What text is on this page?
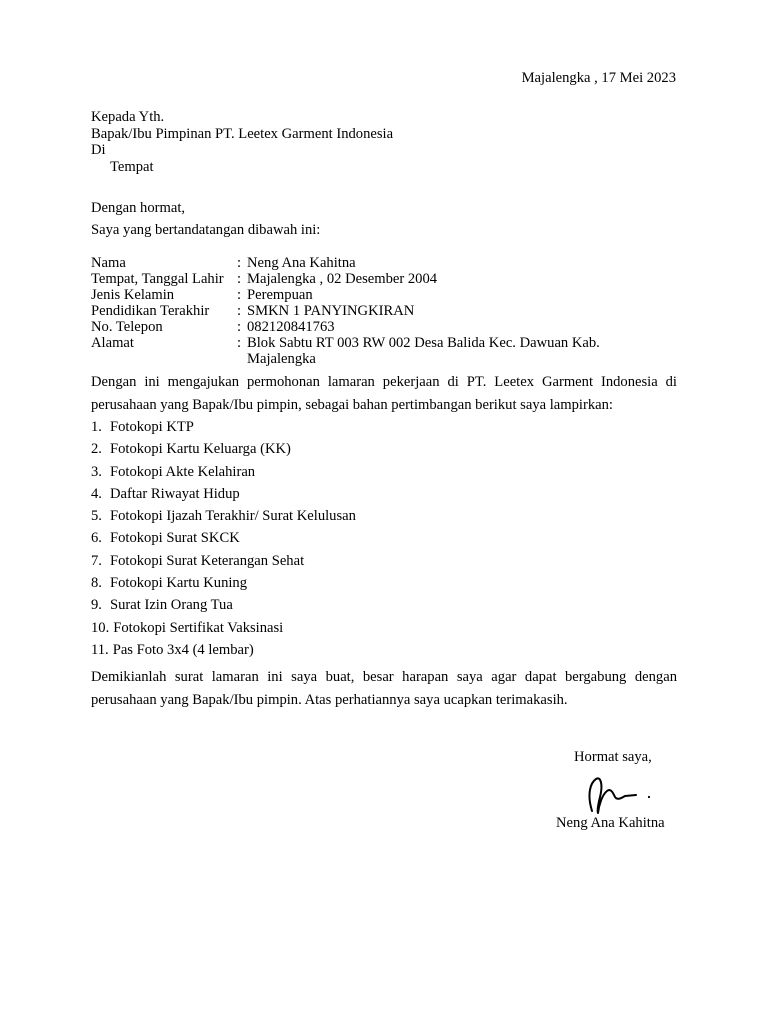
Majalengka , 17 Mei 2023
Kepada Yth.
Bapak/Ibu Pimpinan PT. Leetex Garment Indonesia
Di
Tempat
Dengan hormat,
Saya yang bertandatangan dibawah ini:
Nama	: Neng Ana Kahitna
Tempat, Tanggal Lahir : Majalengka , 02 Desember 2004
Jenis Kelamin	: Perempuan
Pendidikan Terakhir	: SMKN 1 PANYINGKIRAN
No. Telepon	: 082120841763
Alamat	: Blok Sabtu RT 003 RW 002 Desa Balida Kec. Dawuan Kab. Majalengka
Dengan ini mengajukan permohonan lamaran pekerjaan di PT. Leetex Garment Indonesia di perusahaan yang Bapak/Ibu pimpin, sebagai bahan pertimbangan berikut saya lampirkan:
1. Fotokopi KTP
2. Fotokopi Kartu Keluarga (KK)
3. Fotokopi Akte Kelahiran
4. Daftar Riwayat Hidup
5. Fotokopi Ijazah Terakhir/ Surat Kelulusan
6. Fotokopi Surat SKCK
7. Fotokopi Surat Keterangan Sehat
8. Fotokopi Kartu Kuning
9. Surat Izin Orang Tua
10. Fotokopi Sertifikat Vaksinasi
11. Pas Foto 3x4 (4 lembar)
Demikianlah surat lamaran ini saya buat, besar harapan saya agar dapat bergabung dengan perusahaan yang Bapak/Ibu pimpin. Atas perhatiannya saya ucapkan terimakasih.
Hormat saya,
Neng Ana Kahitna
